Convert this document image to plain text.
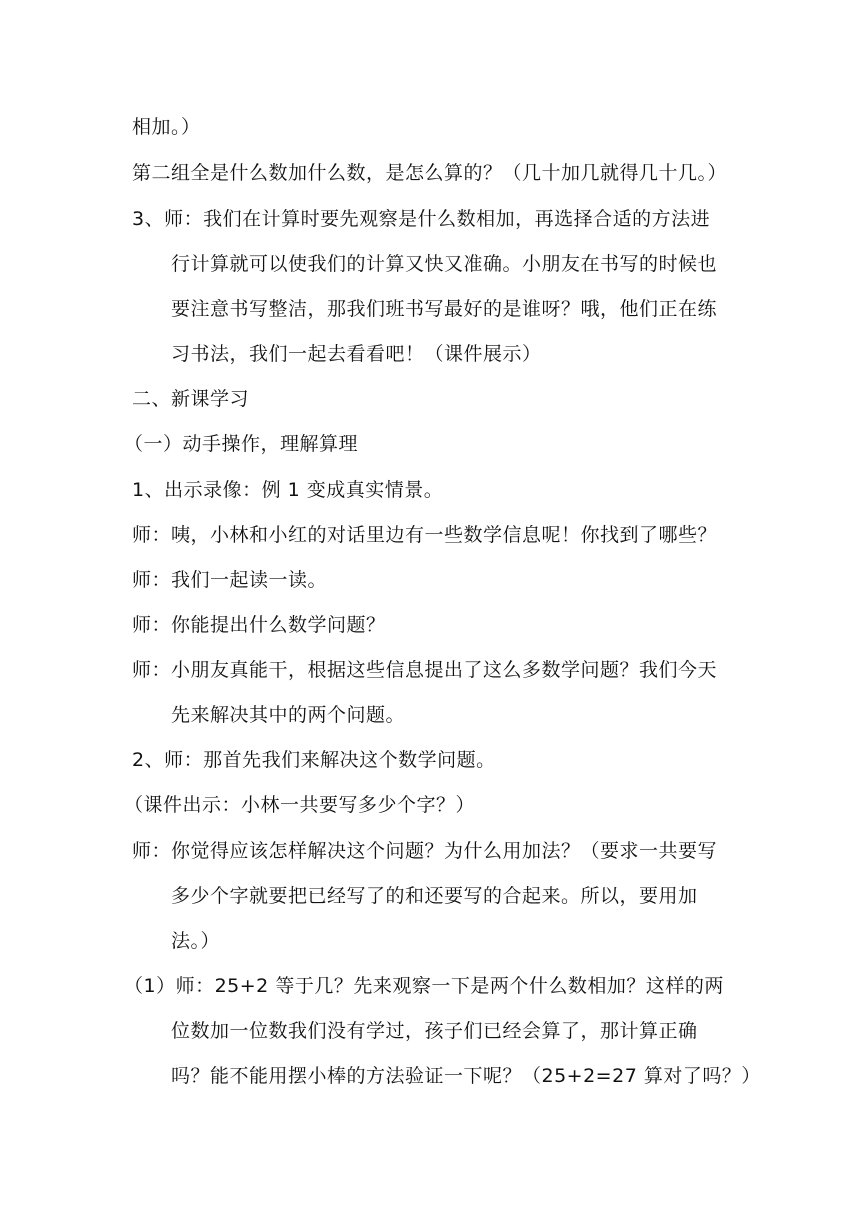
相加。）
第二组全是什么数加什么数，是怎么算的？（几十加几就得几十几。）
3、师：我们在计算时要先观察是什么数相加，再选择合适的方法进
行计算就可以使我们的计算又快又准确。小朋友在书写的时候也
要注意书写整洁，那我们班书写最好的是谁呀？哦，他们正在练
习书法，我们一起去看看吧！（课件展示）
二、新课学习
（一）动手操作，理解算理
1、出示录像：例 1 变成真实情景。
师：咦，小林和小红的对话里边有一些数学信息呢！你找到了哪些？
师：我们一起读一读。
师：你能提出什么数学问题？
师：小朋友真能干，根据这些信息提出了这么多数学问题？我们今天
先来解决其中的两个问题。
2、师：那首先我们来解决这个数学问题。
（课件出示：小林一共要写多少个字？）
师：你觉得应该怎样解决这个问题？为什么用加法？（要求一共要写
多少个字就要把已经写了的和还要写的合起来。所以，要用加
法。）
（1）师：25+2 等于几？先来观察一下是两个什么数相加？这样的两
位数加一位数我们没有学过，孩子们已经会算了，那计算正确
吗？能不能用摆小棒的方法验证一下呢？（25+2=27 算对了吗？）
